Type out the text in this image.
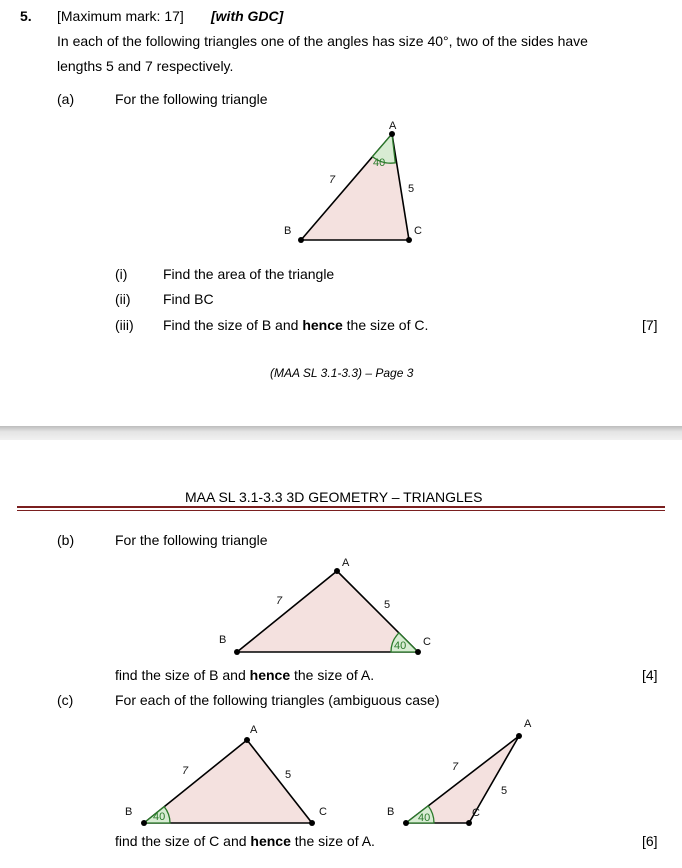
5. [Maximum mark: 17] [with GDC]
In each of the following triangles one of the angles has size 40°, two of the sides have
lengths 5 and 7 respectively.
(a)	For the following triangle
A
B	C
7
5
40
(i)	Find the area of the triangle
(ii) Find BC
(iii) Find the size of B and hence the size of C.	[7]
(MAA SL 3.1-3.3) – Page 3
MAA SL 3.1-3.3 3D GEOMETRY – TRIANGLES
(b)	For the following triangle
A
B	C
7	5
40
find the size of B and hence the size of A.	[4]
(c)	For each of the following triangles (ambiguous case)
A
B	C
7	5
40
A
B	C
7
5
40
find the size of C and hence the size of A.	[6]
